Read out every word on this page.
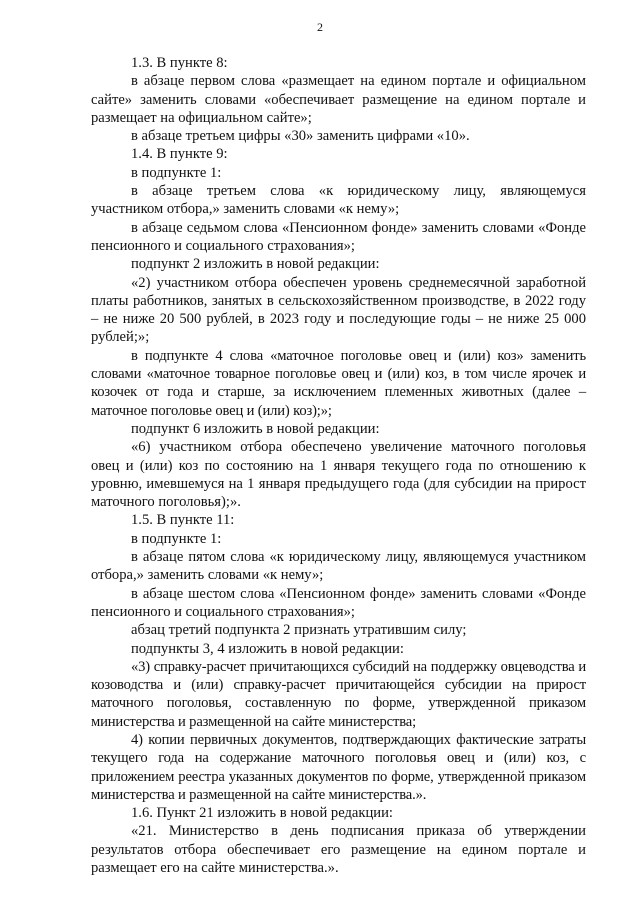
2

1.3. В пункте 8:

в абзаце первом слова «размещает на едином портале и официальном сайте» заменить словами «обеспечивает размещение на едином портале и размещает на официальном сайте»;

в абзаце третьем цифры «30» заменить цифрами «10».

1.4. В пункте 9:

в подпункте 1:

в абзаце третьем слова «к юридическому лицу, являющемуся участником отбора,» заменить словами «к нему»;

в абзаце седьмом слова «Пенсионном фонде» заменить словами «Фонде пенсионного и социального страхования»;

подпункт 2 изложить в новой редакции:

«2) участником отбора обеспечен уровень среднемесячной заработной платы работников, занятых в сельскохозяйственном производстве, в 2022 году – не ниже 20 500 рублей, в 2023 году и последующие годы – не ниже 25 000 рублей;»;

в подпункте 4 слова «маточное поголовье овец и (или) коз» заменить словами «маточное товарное поголовье овец и (или) коз, в том числе ярочек и козочек от года и старше, за исключением племенных животных (далее – маточное поголовье овец и (или) коз);»;

подпункт 6 изложить в новой редакции:

«6) участником отбора обеспечено увеличение маточного поголовья овец и (или) коз по состоянию на 1 января текущего года по отношению к уровню, имевшемуся на 1 января предыдущего года (для субсидии на прирост маточного поголовья);».

1.5. В пункте 11:

в подпункте 1:

в абзаце пятом слова «к юридическому лицу, являющемуся участником отбора,» заменить словами «к нему»;

в абзаце шестом слова «Пенсионном фонде» заменить словами «Фонде пенсионного и социального страхования»;

абзац третий подпункта 2 признать утратившим силу;

подпункты 3, 4 изложить в новой редакции:

«3) справку-расчет причитающихся субсидий на поддержку овцеводства и козоводства и (или) справку-расчет причитающейся субсидии на прирост маточного поголовья, составленную по форме, утвержденной приказом министерства и размещенной на сайте министерства;

4) копии первичных документов, подтверждающих фактические затраты текущего года на содержание маточного поголовья овец и (или) коз, с приложением реестра указанных документов по форме, утвержденной приказом министерства и размещенной на сайте министерства.».

1.6. Пункт 21 изложить в новой редакции:

«21. Министерство в день подписания приказа об утверждении результатов отбора обеспечивает его размещение на едином портале и размещает его на сайте министерства.».
